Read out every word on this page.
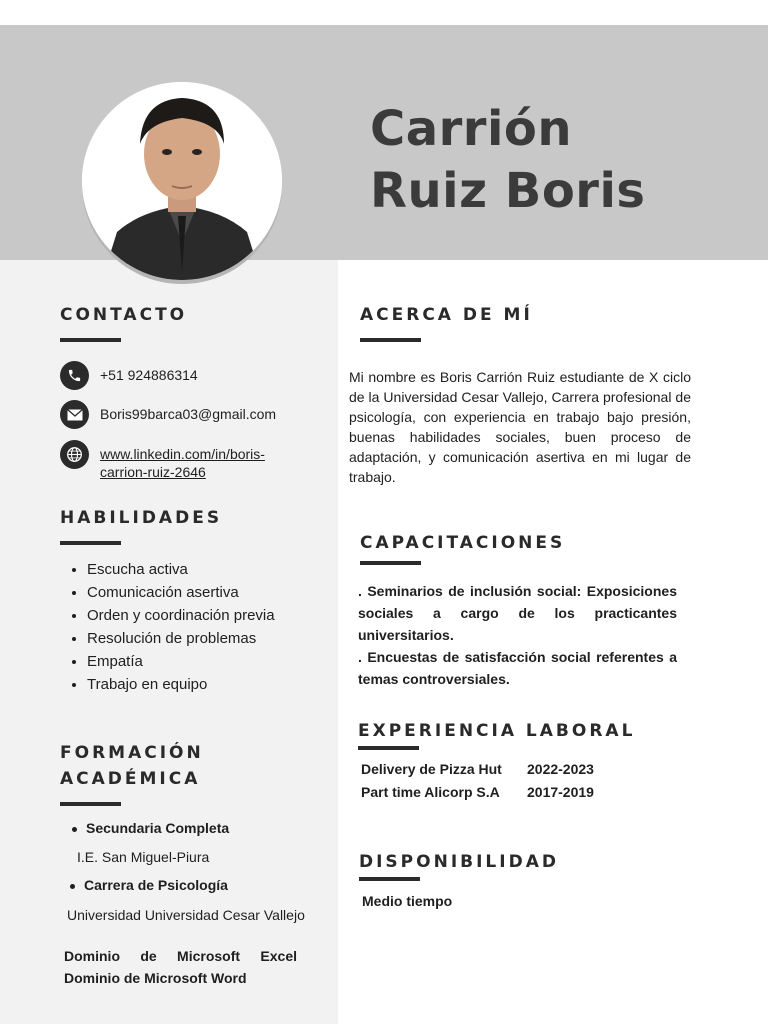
Carrión
Ruiz Boris
CONTACTO
+51 924886314
Boris99barca03@gmail.com
www.linkedin.com/in/boris-
carrion-ruiz-2646
HABILIDADES
• Escucha activa
• Comunicación asertiva
• Orden y coordinación previa
• Resolución de problemas
• Empatía
• Trabajo en equipo
FORMACIÓN
ACADÉMICA
Secundaria Completa
I.E. San Miguel-Piura
Carrera de Psicología
Universidad Universidad Cesar Vallejo
Dominio de Microsoft Excel
Dominio de Microsoft Word
ACERCA DE MÍ

Mi nombre es Boris Carrión Ruiz estudiante de X ciclo de la Universidad Cesar Vallejo, Carrera profesional de psicología, con experiencia en trabajo bajo presión, buenas habilidades sociales, buen proceso de adaptación, y comunicación asertiva en mi lugar de trabajo.

CAPACITACIONES

. Seminarios de inclusión social: Exposiciones sociales a cargo de los practicantes universitarios.

. Encuestas de satisfacción social referentes a temas controversiales.

EXPERIENCIA LABORAL
Delivery de Pizza Hut 2022-2023
Part time Alicorp S.A 2017-2019
DISPONIBILIDAD
Medio tiempo
